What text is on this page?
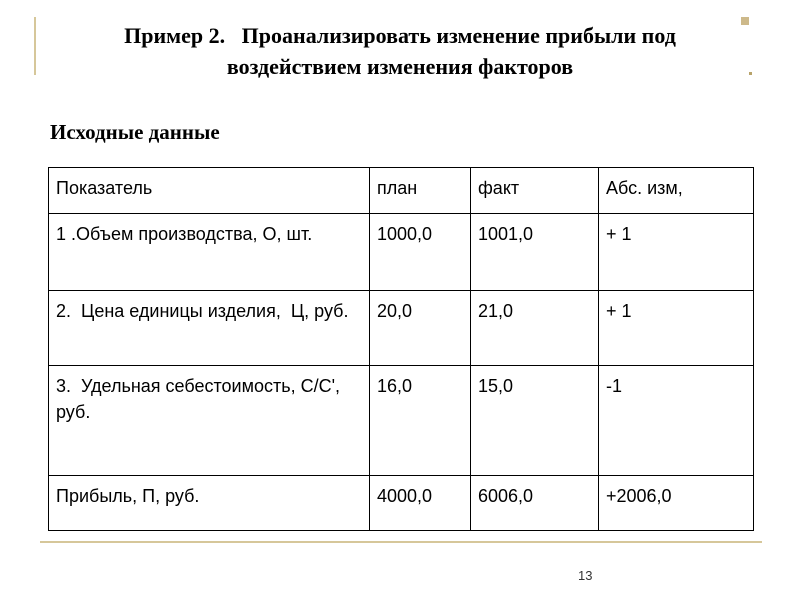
Пример 2.   Проанализировать изменение прибыли под
воздействием изменения факторов
Исходные данные
Показатель	план	факт	Абс. изм,
1 .Объем производства, О, шт.	1000,0	1001,0	+ 1
2.  Цена единицы изделия,  Ц, руб.	20,0	21,0	+ 1
3.  Удельная себестоимость, С/С', руб.	16,0	15,0	-1
Прибыль, П, руб.	4000,0	6006,0	+2006,0
13
